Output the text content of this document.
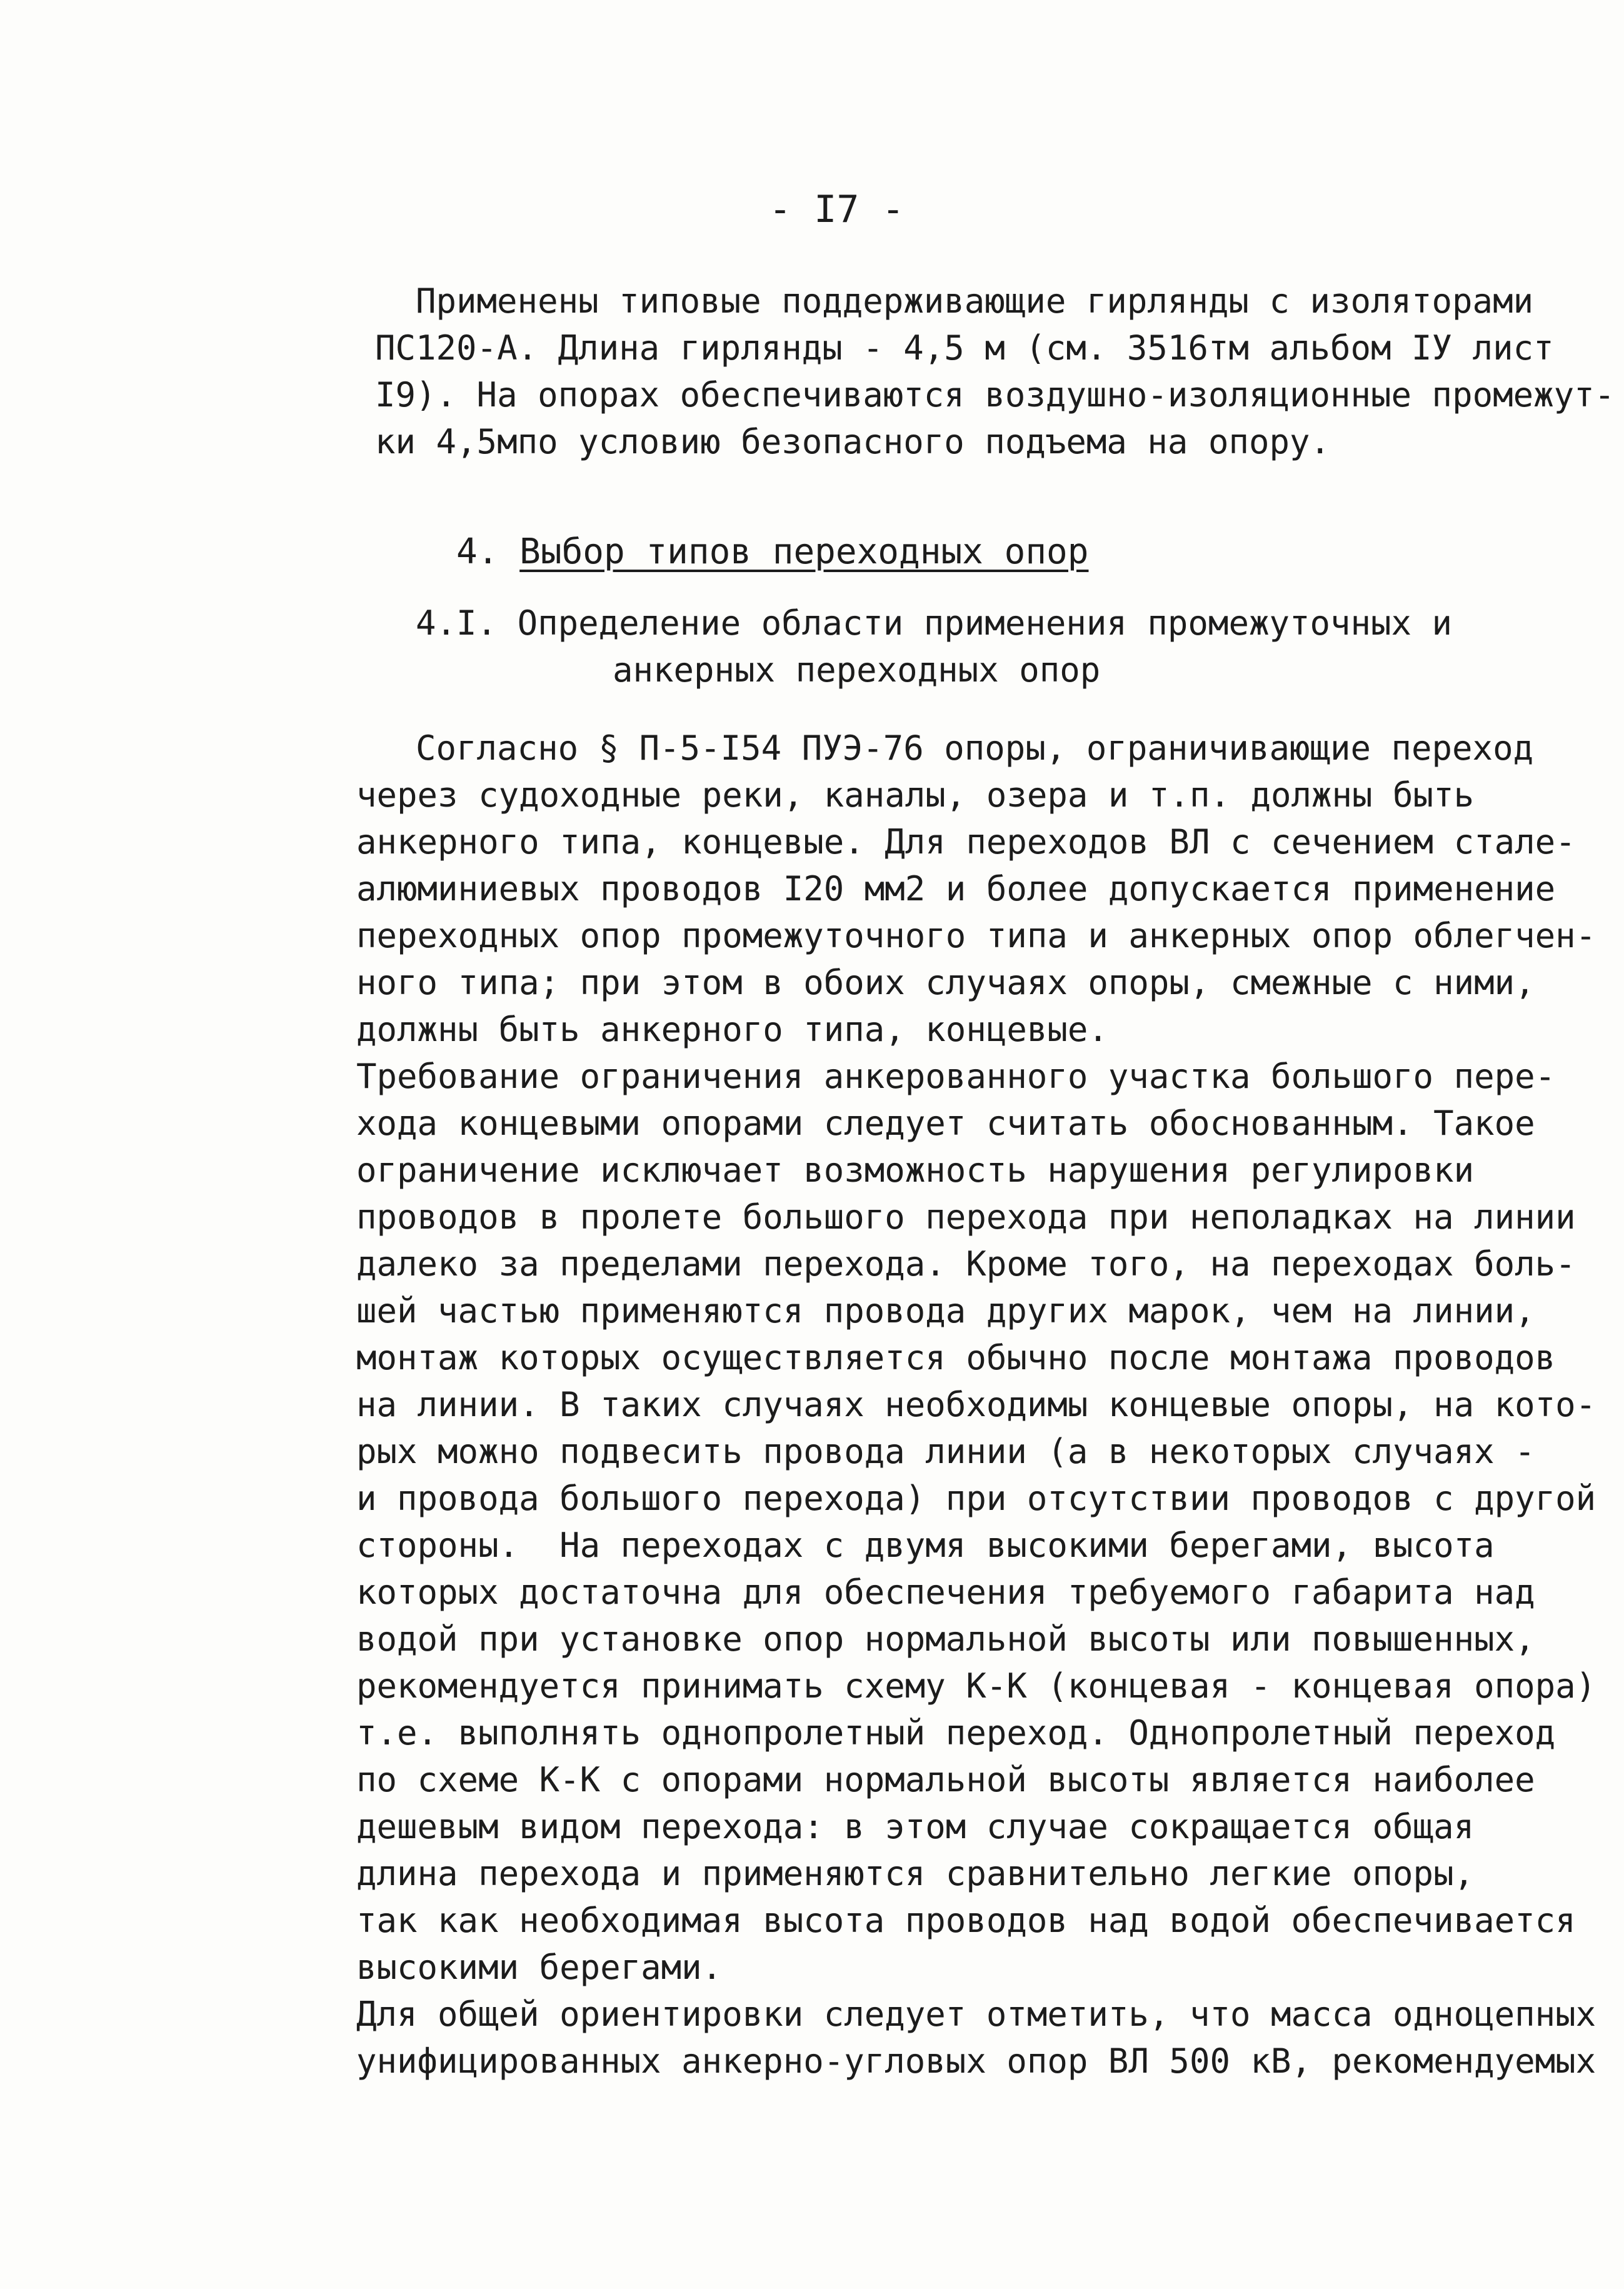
- I7 -
Применены типовые поддерживающие гирлянды с изоляторами
ПС120-А. Длина гирлянды - 4,5 м (см. 3516тм альбом IУ лист
I9). На опорах обеспечиваются воздушно-изоляционные промежут-
ки 4,5мпо условию безопасного подъема на опору.
4. Выбор типов переходных опор
4.I. Определение области применения промежуточных и
анкерных переходных опор
Согласно § П-5-I54 ПУЭ-76 опоры, ограничивающие переход
через судоходные реки, каналы, озера и т.п. должны быть
анкерного типа, концевые. Для переходов ВЛ с сечением стале-
алюминиевых проводов I20 мм2 и более допускается применение
переходных опор промежуточного типа и анкерных опор облегчен-
ного типа; при этом в обоих случаях опоры, смежные с ними,
должны быть анкерного типа, концевые.
Требование ограничения анкерованного участка большого пере-
хода концевыми опорами следует считать обоснованным. Такое
ограничение исключает возможность нарушения регулировки
проводов в пролете большого перехода при неполадках на линии
далеко за пределами перехода. Кроме того, на переходах боль-
шей частью применяются провода других марок, чем на линии,
монтаж которых осуществляется обычно после монтажа проводов
на линии. В таких случаях необходимы концевые опоры, на кото-
рых можно подвесить провода линии (а в некоторых случаях -
и провода большого перехода) при отсутствии проводов с другой
стороны.  На переходах с двумя высокими берегами, высота
которых достаточна для обеспечения требуемого габарита над
водой при установке опор нормальной высоты или повышенных,
рекомендуется принимать схему К-К (концевая - концевая опора)
т.е. выполнять однопролетный переход. Однопролетный переход
по схеме К-К с опорами нормальной высоты является наиболее
дешевым видом перехода: в этом случае сокращается общая
длина перехода и применяются сравнительно легкие опоры,
так как необходимая высота проводов над водой обеспечивается
высокими берегами.
Для общей ориентировки следует отметить, что масса одноцепных
унифицированных анкерно-угловых опор ВЛ 500 кВ, рекомендуемых
